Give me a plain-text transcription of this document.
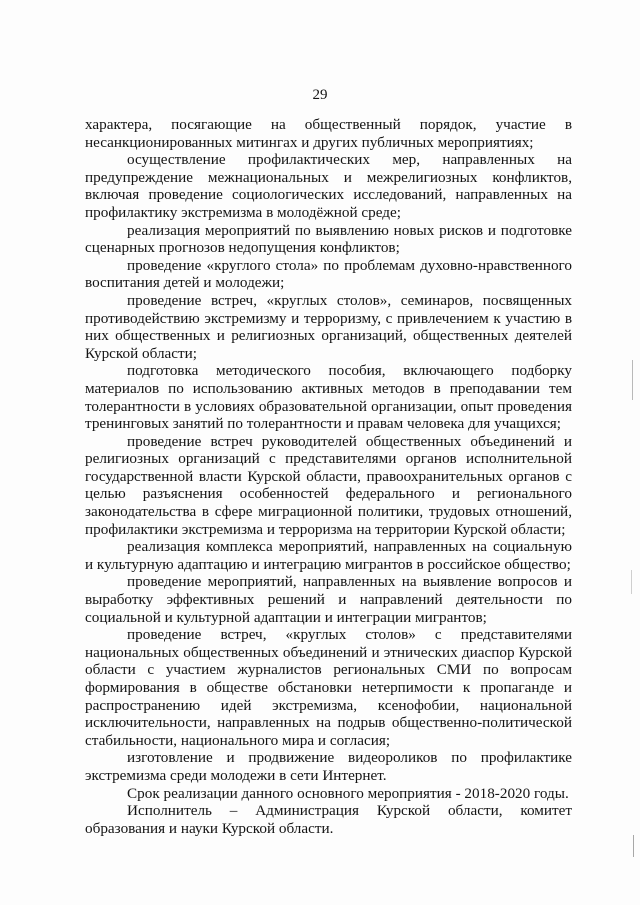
29

характера, посягающие на общественный порядок, участие в несанкционированных митингах и других публичных мероприятиях;

осуществление профилактических мер, направленных на предупреждение межнациональных и межрелигиозных конфликтов, включая проведение социологических исследований, направленных на профилактику экстремизма в молодёжной среде;

реализация мероприятий по выявлению новых рисков и подготовке сценарных прогнозов недопущения конфликтов;

проведение «круглого стола» по проблемам духовно-нравственного воспитания детей и молодежи;

проведение встреч, «круглых столов», семинаров, посвященных противодействию экстремизму и терроризму, с привлечением к участию в них общественных и религиозных организаций, общественных деятелей Курской области;

подготовка методического пособия, включающего подборку материалов по использованию активных методов в преподавании тем толерантности в условиях образовательной организации, опыт проведения тренинговых занятий по толерантности и правам человека для учащихся;

проведение встреч руководителей общественных объединений и религиозных организаций с представителями органов исполнительной государственной власти Курской области, правоохранительных органов с целью разъяснения особенностей федерального и регионального законодательства в сфере миграционной политики, трудовых отношений, профилактики экстремизма и терроризма на территории Курской области;

реализация комплекса мероприятий, направленных на социальную и культурную адаптацию и интеграцию мигрантов в российское общество;

проведение мероприятий, направленных на выявление вопросов и выработку эффективных решений и направлений деятельности по социальной и культурной адаптации и интеграции мигрантов;

проведение встреч, «круглых столов» с представителями национальных общественных объединений и этнических диаспор Курской области с участием журналистов региональных СМИ по вопросам формирования в обществе обстановки нетерпимости к пропаганде и распространению идей экстремизма, ксенофобии, национальной исключительности, направленных на подрыв общественно-политической стабильности, национального мира и согласия;

изготовление и продвижение видеороликов по профилактике экстремизма среди молодежи в сети Интернет.

Срок реализации данного основного мероприятия - 2018-2020 годы.

Исполнитель – Администрация Курской области, комитет образования и науки Курской области.
